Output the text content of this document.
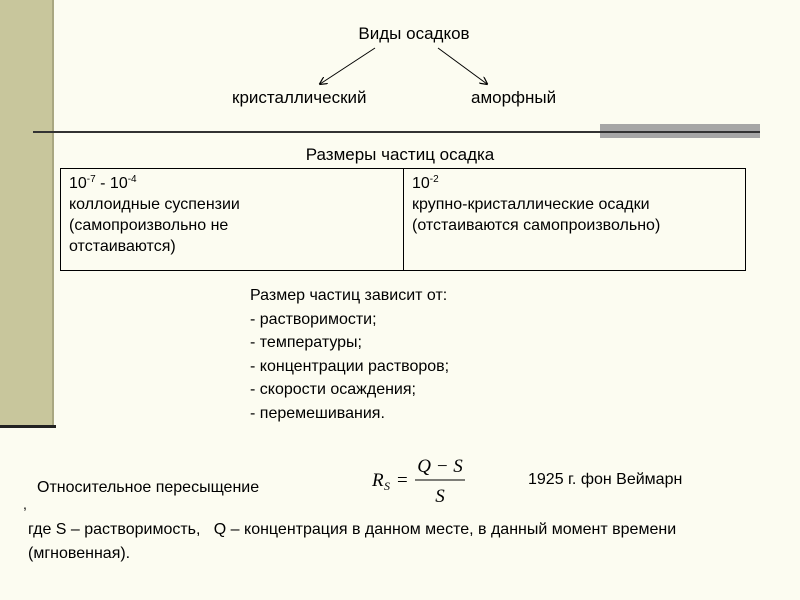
Виды осадков
кристаллический	аморфный
Размеры частиц осадка
$10^{-7} - 10^{-4}$
коллоидные суспензии
(самопроизвольно не
отстаиваются)
$10^{-2}$
крупно-кристаллические осадки
(отстаиваются самопроизвольно)
Размер частиц зависит от:
- растворимости;
- температуры;
- концентрации растворов;
- скорости осаждения;
- перемешивания.
Относительное пересыщение	R S =
Q − S
S
1925 г. фон Веймарн
,
где S – растворимость,   Q – концентрация в данном месте, в данный момент времени (мгновенная).
